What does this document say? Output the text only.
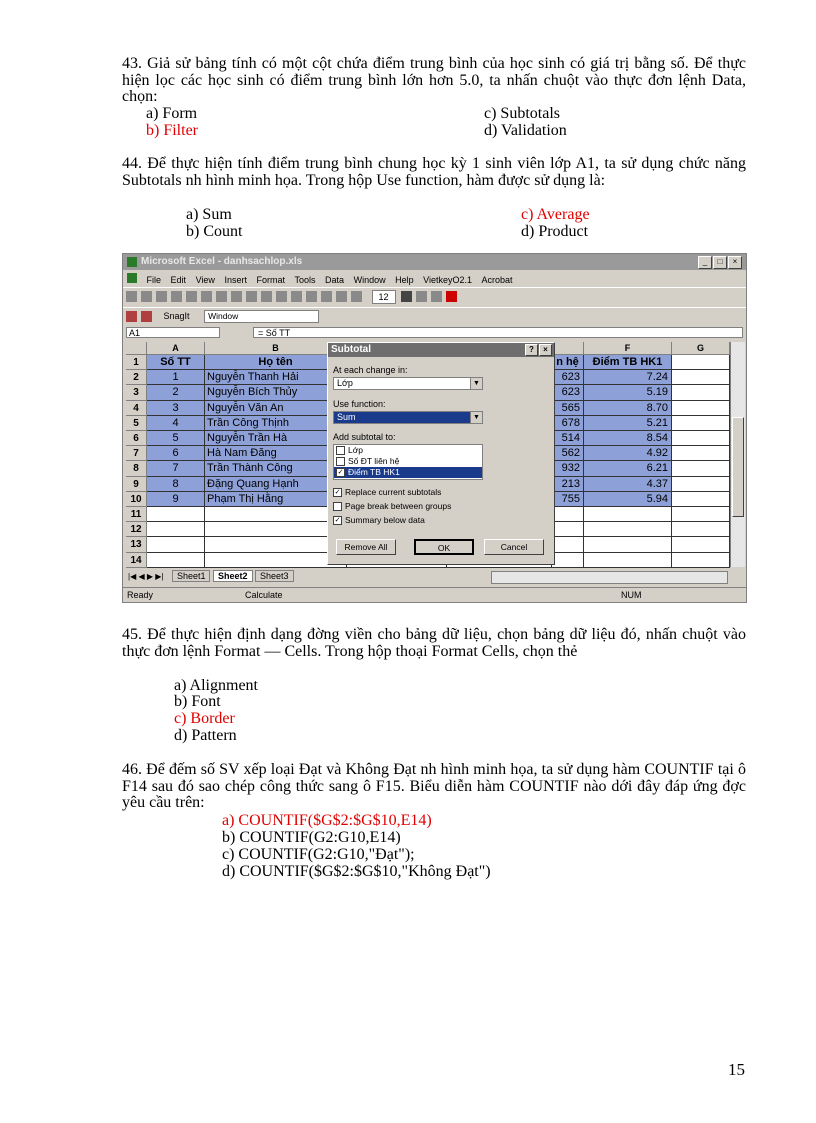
43. Giả sử bảng tính có một cột chứa điểm trung bình của học sinh có giá trị bằng số. Để thực hiện lọc các học sinh có điểm trung bình lớn hơn 5.0, ta nhấn chuột vào thực đơn lệnh Data, chọn:
a) Form
b) Filter
c) Subtotals
d) Validation
44. Để thực hiện tính điểm trung bình chung học kỳ 1 sinh viên lớp A1, ta sử dụng chức năng Subtotals nh hình minh họa. Trong hộp Use function, hàm được sử dụng là:
a) Sum
b) Count
c) Average
d) Product
Microsoft Excel - danhsachlop.xls	_	□	×
File Edit View Insert Format Tools Data Window Help VietkeyO2.1 Acrobat
12
SnagIt Window
A1	= Số TT
A	B	F	G
1	Số TT	Họ tên	n hệ	Điểm TB HK1
2	1	Nguyễn Thanh Hải	623	7.24
3	2	Nguyễn Bích Thủy	623	5.19
4	3	Nguyễn Văn An	565	8.70
5	4	Trần Công Thịnh	678	5.21
6	5	Nguyễn Trần Hà	514	8.54
7	6	Hà Nam Đăng	562	4.92
8	7	Trần Thành Công	932	6.21
9	8	Đặng Quang Hạnh	213	4.37
10	9	Phạm Thị Hằng	755	5.94
11
12
13
14
Subtotal	?	×
At each change in:
Lớp	▼
Use function:
Sum	▼
Add subtotal to:
Lớp
Số ĐT liên hệ
✓ Điểm TB HK1
✓ Replace current subtotals
Page break between groups
✓ Summary below data
Remove All	OK	Cancel
|◀ ◀ ▶ ▶| Sheet1 Sheet2 Sheet3
Ready	Calculate	NUM
45. Để thực hiện định dạng đờng viền cho bảng dữ liệu, chọn bảng dữ liệu đó, nhấn chuột vào thực đơn lệnh Format — Cells. Trong hộp thoại Format Cells, chọn thẻ
a) Alignment
b) Font
c) Border
d) Pattern
46. Để đếm số SV xếp loại Đạt và Không Đạt nh hình minh họa, ta sử dụng hàm COUNTIF tại ô F14 sau đó sao chép công thức sang ô F15. Biểu diễn hàm COUNTIF nào dới đây đáp ứng đợc yêu cầu trên:
a) COUNTIF($G$2:$G$10,E14)
b) COUNTIF(G2:G10,E14)
c) COUNTIF(G2:G10,"Đạt");
d) COUNTIF($G$2:$G$10,"Không Đạt")
15
